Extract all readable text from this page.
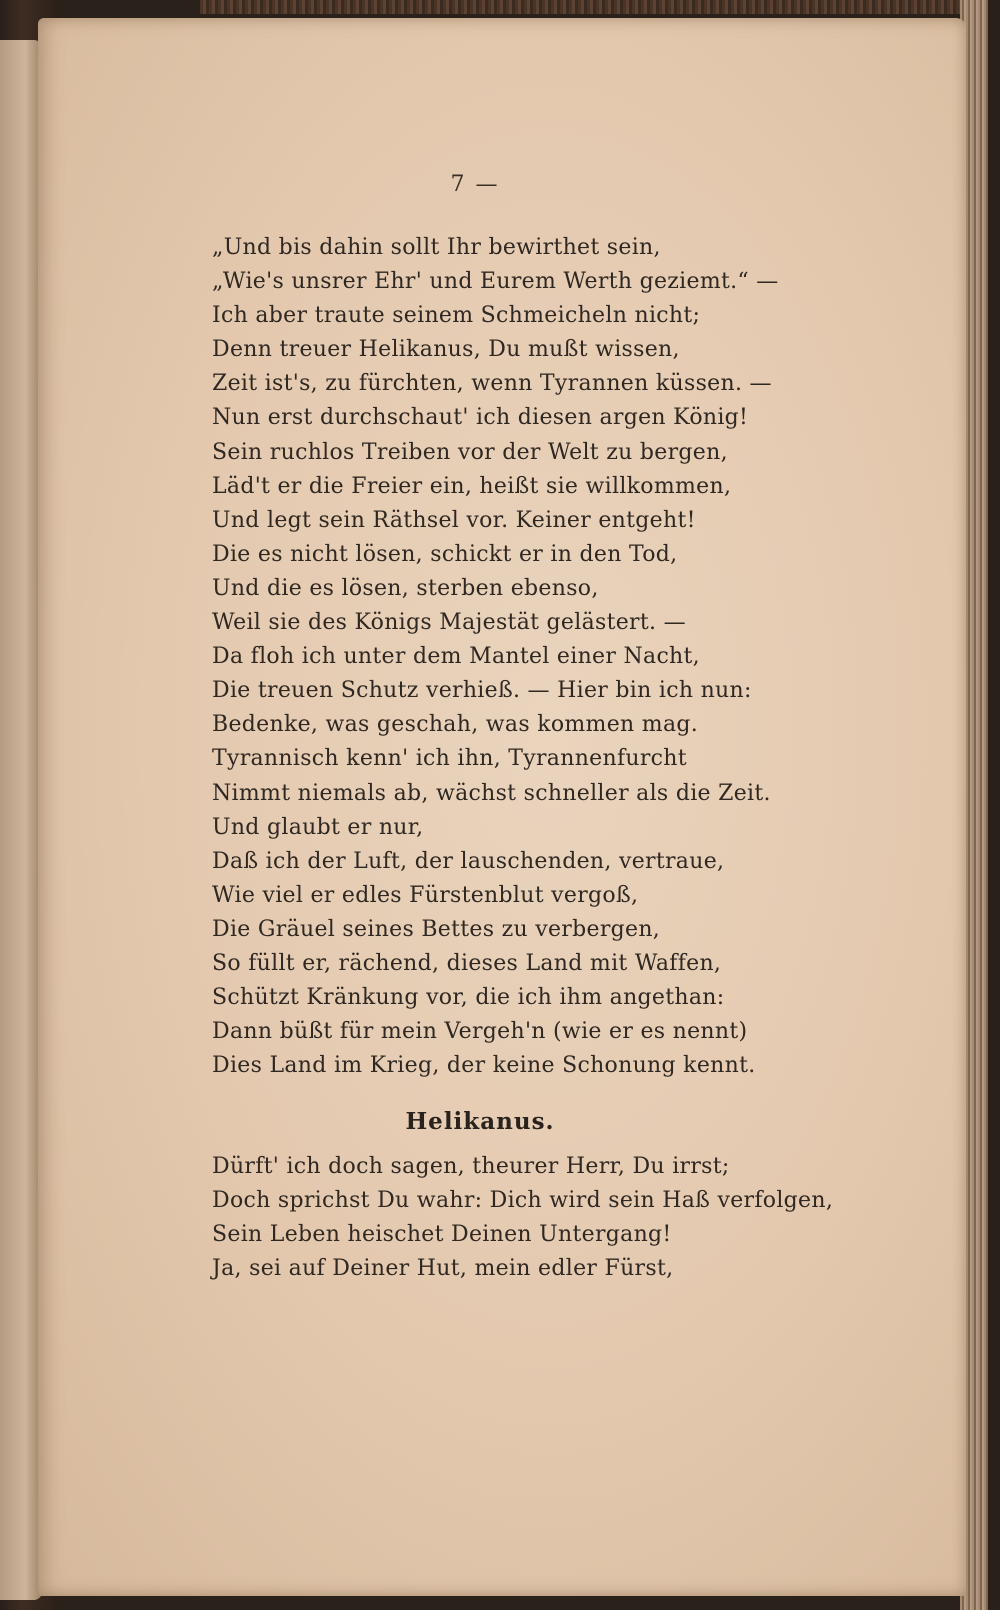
7 —
„Und bis dahin sollt Ihr bewirthet sein,
„Wie's unsrer Ehr' und Eurem Werth geziemt.“ —
Ich aber traute seinem Schmeicheln nicht;
Denn treuer Helikanus, Du mußt wissen,
Zeit ist's, zu fürchten, wenn Tyrannen küssen. —
Nun erst durchschaut' ich diesen argen König!
Sein ruchlos Treiben vor der Welt zu bergen,
Läd't er die Freier ein, heißt sie willkommen,
Und legt sein Räthsel vor. Keiner entgeht!
Die es nicht lösen, schickt er in den Tod,
Und die es lösen, sterben ebenso,
Weil sie des Königs Majestät gelästert. —
Da floh ich unter dem Mantel einer Nacht,
Die treuen Schutz verhieß. — Hier bin ich nun:
Bedenke, was geschah, was kommen mag.
Tyrannisch kenn' ich ihn, Tyrannenfurcht
Nimmt niemals ab, wächst schneller als die Zeit.
Und glaubt er nur,
Daß ich der Luft, der lauschenden, vertraue,
Wie viel er edles Fürstenblut vergoß,
Die Gräuel seines Bettes zu verbergen,
So füllt er, rächend, dieses Land mit Waffen,
Schützt Kränkung vor, die ich ihm angethan:
Dann büßt für mein Vergeh'n (wie er es nennt)
Dies Land im Krieg, der keine Schonung kennt.
Helikanus.
Dürft' ich doch sagen, theurer Herr, Du irrst;
Doch sprichst Du wahr: Dich wird sein Haß verfolgen,
Sein Leben heischet Deinen Untergang!
Ja, sei auf Deiner Hut, mein edler Fürst,
